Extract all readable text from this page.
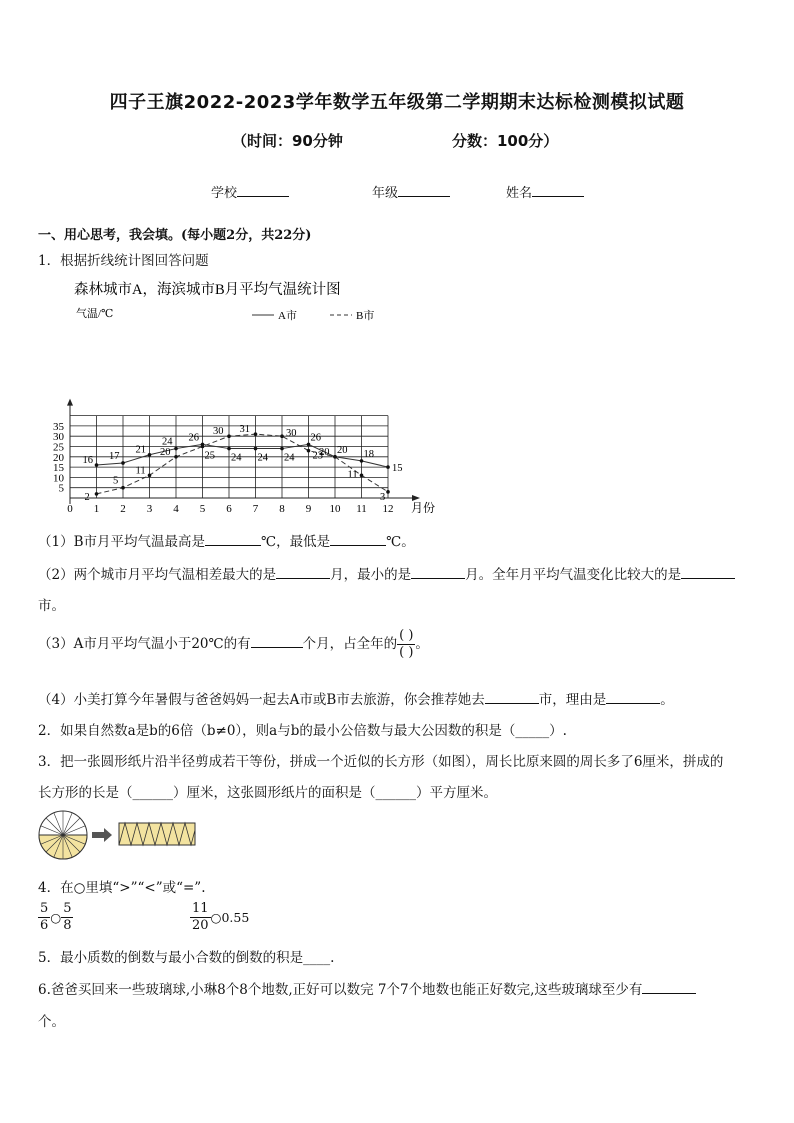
四子王旗2022-2023学年数学五年级第二学期期末达标检测模拟试题
（时间：90分钟	分数：100分）
学校	年级	姓名
一、用心思考，我会填。(每小题2分，共22分)
1．根据折线统计图回答问题
森林城市A，海滨城市B月平均气温统计图
气温/℃
5
10
15
20
25
30
35
0 1 2 3 4 5 6 7 8 9 10 11 12
A市	B市
16 17
21
24 26
24 24 24
26
20 18
15
2
5
11
20	25
30 31	30
23
20
11
3
月份
（1）B市月平均气温最高是	℃，最低是	℃。
（2）两个城市月平均气温相差最大的是	月，最小的是	月。全年月平均气温变化比较大的是
市。
（3）A市月平均气温小于20℃的有	个月，占全年的 $\frac{( )}{( )}$ 。
（4）小美打算今年暑假与爸爸妈妈一起去A市或B市去旅游，你会推荐她去	市，理由是	。
2．如果自然数a是b的6倍（b≠0），则a与b的最小公倍数与最大公因数的积是（_____）.
3．把一张圆形纸片沿半径剪成若干等份，拼成一个近似的长方形（如图），周长比原来圆的周长多了6厘米，拼成的
长方形的长是（______）厘米，这张圆形纸片的面积是（______）平方厘米。
4．在○里填“>”“<”或“=”.
$\frac{5}{6}$ ○ $\frac{5}{8}$	$\frac{11}{20}$ ○0.55
5．最小质数的倒数与最小合数的倒数的积是____.
6.爸爸买回来一些玻璃球,小琳8个8个地数,正好可以数完 7个7个地数也能正好数完,这些玻璃球至少有
个。
